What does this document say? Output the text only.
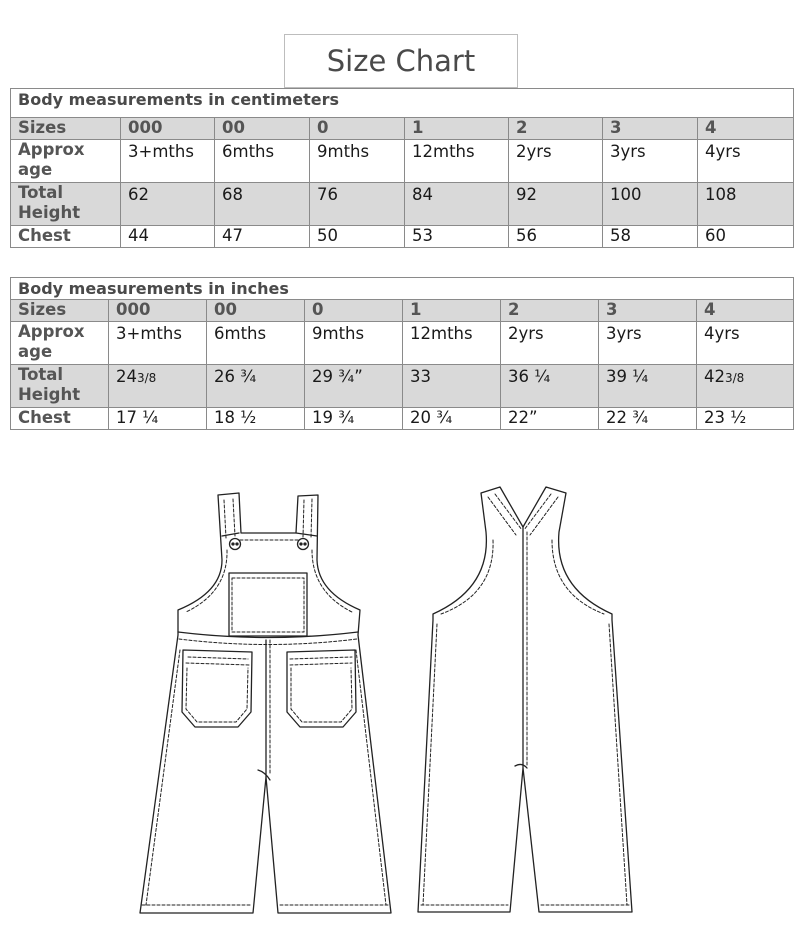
Size Chart
Body measurements in centimeters							
Sizes	000	00	0	1	2	3	4
Approx age	3+mths	6mths	9mths	12mths	2yrs	3yrs	4yrs
Total Height	62	68	76	84	92	100	108
Chest	44	47	50	53	56	58	60
Body measurements in inches							
Sizes	000	00	0	1	2	3	4
Approx age	3+mths	6mths	9mths	12mths	2yrs	3yrs	4yrs
Total Height	243/8	26 ¾	29 ¾”	33	36 ¼	39 ¼	423/8
Chest	17 ¼	18 ½	19 ¾	20 ¾	22”	22 ¾	23 ½
